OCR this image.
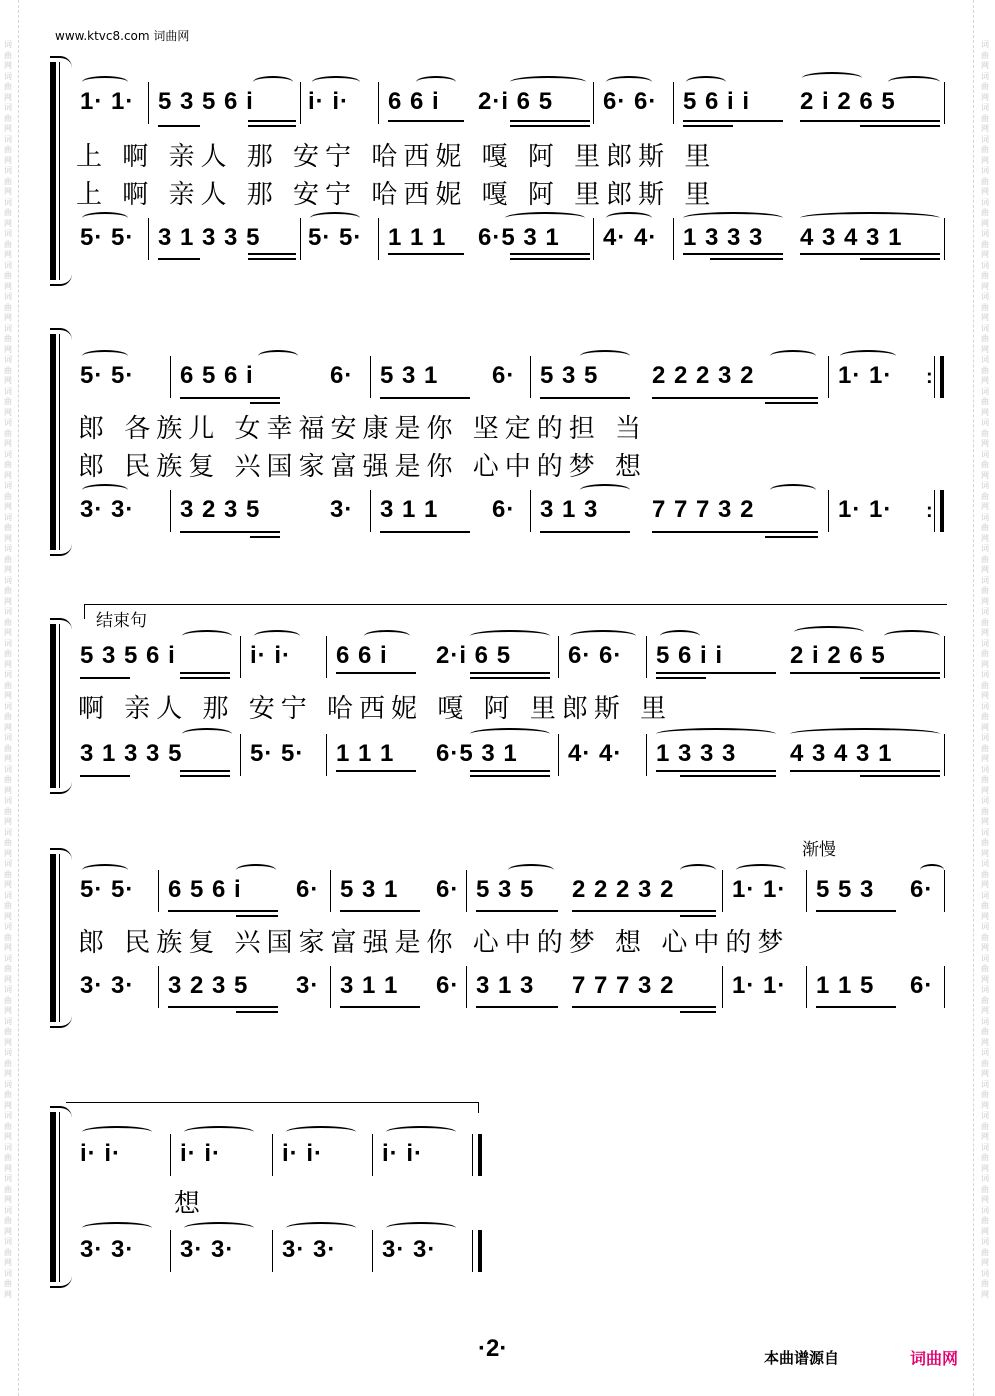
词曲网词曲网词曲网词曲网词曲网词曲网词曲网词曲网词曲网词曲网词曲网词曲网词曲网词曲网词曲网词曲网词曲网词曲网词曲网词曲网词曲网词曲网词曲网词曲网词曲网词曲网词曲网词曲网词曲网词曲网词曲网词曲网词曲网词曲网词曲网词曲网词曲网词曲网词曲网词曲网
词曲网词曲网词曲网词曲网词曲网词曲网词曲网词曲网词曲网词曲网词曲网词曲网词曲网词曲网词曲网词曲网词曲网词曲网词曲网词曲网词曲网词曲网词曲网词曲网词曲网词曲网词曲网词曲网词曲网词曲网词曲网词曲网词曲网词曲网词曲网词曲网词曲网词曲网词曲网词曲网
www.ktvc8.com 词曲网
1· 1· 5 3 5 6 i i· i· 6 6 i 2·i 6 5 6· 6· 5 6 i i 2 i 2 6 5
上 啊 亲人 那 安宁 哈西妮 嘎 阿 里郎斯 里
上 啊 亲人 那 安宁 哈西妮 嘎 阿 里郎斯 里
5· 5· 3 1 3 3 5 5· 5· 1 1 1 6·5 3 1 4· 4· 1 3 3 3 4 3 4 3 1
5· 5· 6 5 6 i	6· 5 3 1 6· 5 3 5 2 2 2 3 2	1· 1· :
郎 各族儿 女幸福安康是你 坚定的担 当
郎 民族复 兴国家富强是你 心中的梦 想
3· 3· 3 2 3 5	3· 3 1 1 6· 3 1 3 7 7 7 3 2	1· 1· :
结束句
5 3 5 6 i	i· i· 6 6 i 2·i 6 5 6· 6· 5 6 i i	2 i 2 6 5
啊 亲人 那 安宁 哈西妮 嘎 阿 里郎斯 里
3 1 3 3 5	5· 5· 1 1 1 6·5 3 1 4· 4· 1 3 3 3 4 3 4 3 1
渐慢
5· 5· 6 5 6 i 6· 5 3 1 6· 5 3 5 2 2 2 3 2 1· 1· 5 5 3 6·
郎 民族复 兴国家富强是你 心中的梦 想 心中的梦
3· 3· 3 2 3 5 3· 3 1 1 6· 3 1 3 7 7 7 3 2 1· 1· 1 1 5 6·
i· i· i· i·	i· i· i· i·
想
3· 3· 3· 3· 3· 3· 3· 3·
·2·	本曲谱源自	词曲网
